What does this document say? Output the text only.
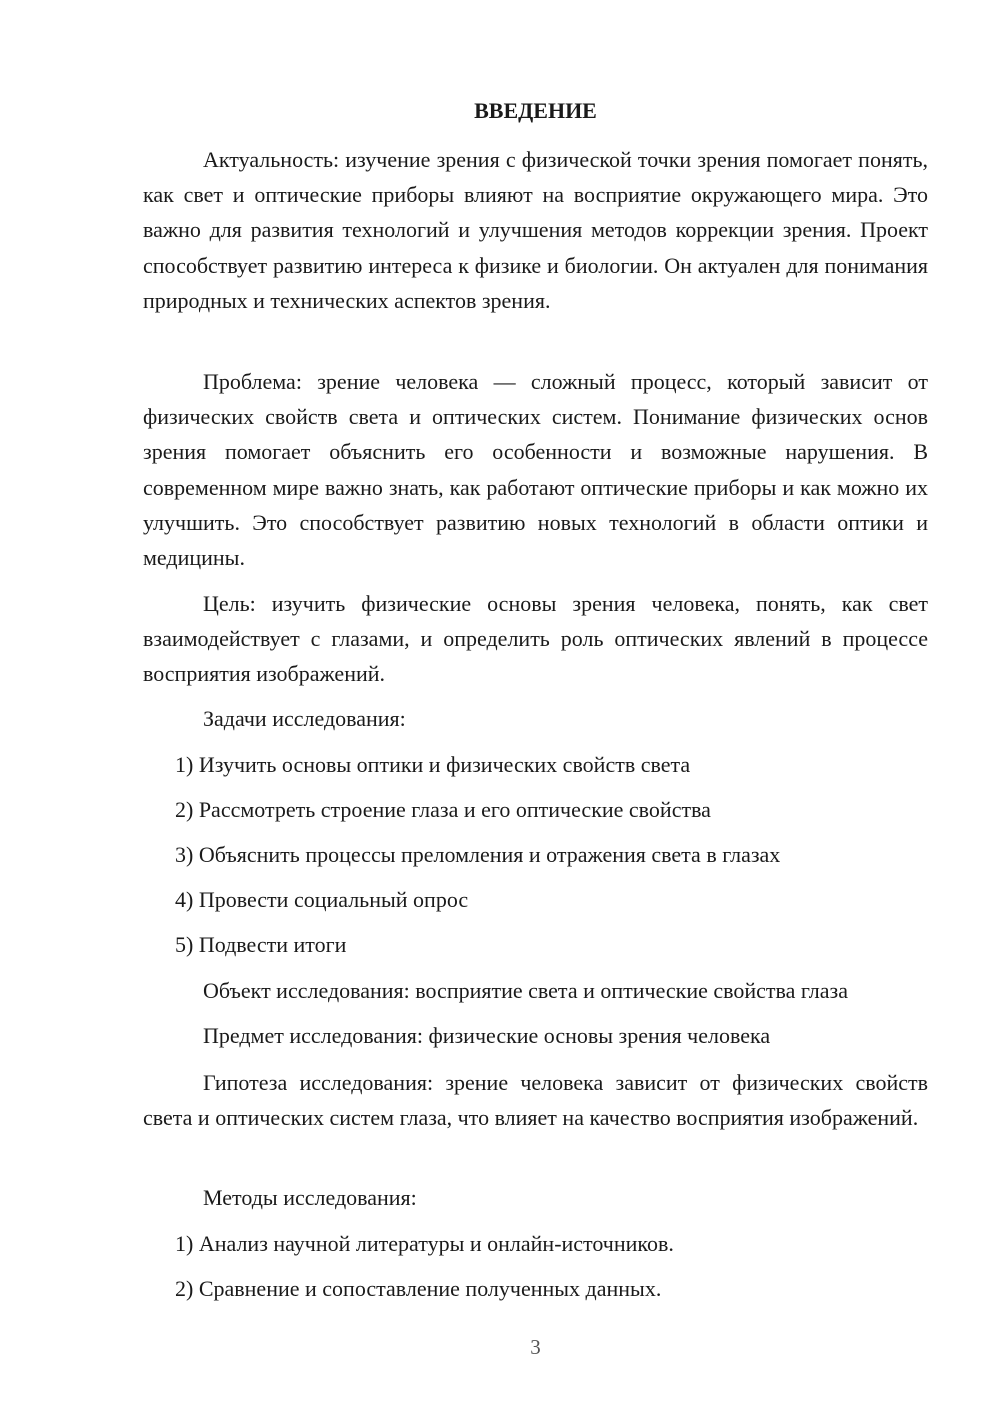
ВВЕДЕНИЕ

Актуальность: изучение зрения с физической точки зрения помогает понять, как свет и оптические приборы влияют на восприятие окружающего мира. Это важно для развития технологий и улучшения методов коррекции зрения. Проект способствует развитию интереса к физике и биологии. Он актуален для понимания природных и технических аспектов зрения.

Проблема: зрение человека — сложный процесс, который зависит от физических свойств света и оптических систем. Понимание физических основ зрения помогает объяснить его особенности и возможные нарушения. В современном мире важно знать, как работают оптические приборы и как можно их улучшить. Это способствует развитию новых технологий в области оптики и медицины.

Цель: изучить физические основы зрения человека, понять, как свет взаимодействует с глазами, и определить роль оптических явлений в процессе восприятия изображений.

Задачи исследования:
1) Изучить основы оптики и физических свойств света
2) Рассмотреть строение глаза и его оптические свойства
3) Объяснить процессы преломления и отражения света в глазах
4) Провести социальный опрос
5) Подвести итоги
Объект исследования: восприятие света и оптические свойства глаза
Предмет исследования: физические основы зрения человека

Гипотеза исследования: зрение человека зависит от физических свойств света и оптических систем глаза, что влияет на качество восприятия изображений.

Методы исследования:
1) Анализ научной литературы и онлайн-источников.
2) Сравнение и сопоставление полученных данных.
3
